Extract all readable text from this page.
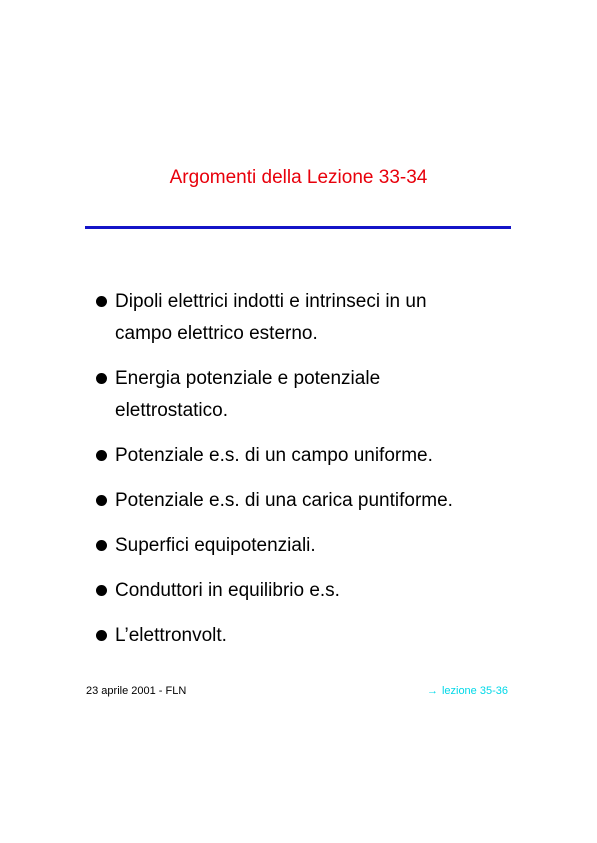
Argomenti della Lezione 33-34
Dipoli elettrici indotti e intrinseci in un campo elettrico esterno.
Energia potenziale e potenziale elettrostatico.
Potenziale e.s. di un campo uniforme.
Potenziale e.s. di una carica puntiforme.
Superfici equipotenziali.
Conduttori in equilibrio e.s.
L’elettronvolt.
23 aprile 2001 - FLN	→ lezione 35-36
